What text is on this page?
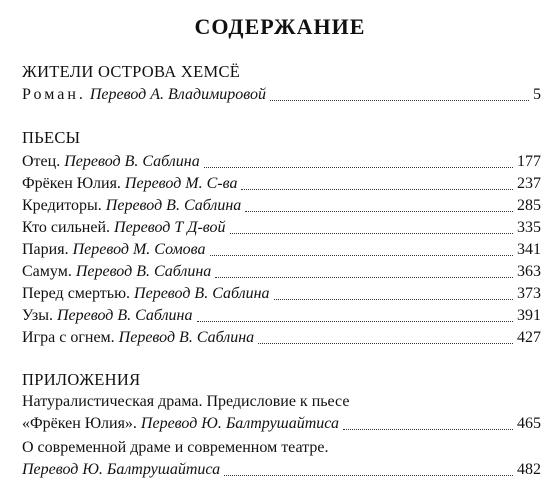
СОДЕРЖАНИЕ
ЖИТЕЛИ ОСТРОВА ХЕМСЁ
Роман. Перевод А. Владимировой	5
ПЬЕСЫ
Отец. Перевод В. Саблина	177
Фрёкен Юлия. Перевод М. С-ва	237
Кредиторы. Перевод В. Саблина	285
Кто сильней. Перевод Т Д-вой	335
Пария. Перевод М. Сомова	341
Самум. Перевод В. Саблина	363
Перед смертью. Перевод В. Саблина	373
Узы. Перевод В. Саблина	391
Игра с огнем. Перевод В. Саблина	427
ПРИЛОЖЕНИЯ
Натуралистическая драма. Предисловие к пьесе
«Фрёкен Юлия». Перевод Ю. Балтрушайтиса	465
О современной драме и современном театре.
Перевод Ю. Балтрушайтиса	482
